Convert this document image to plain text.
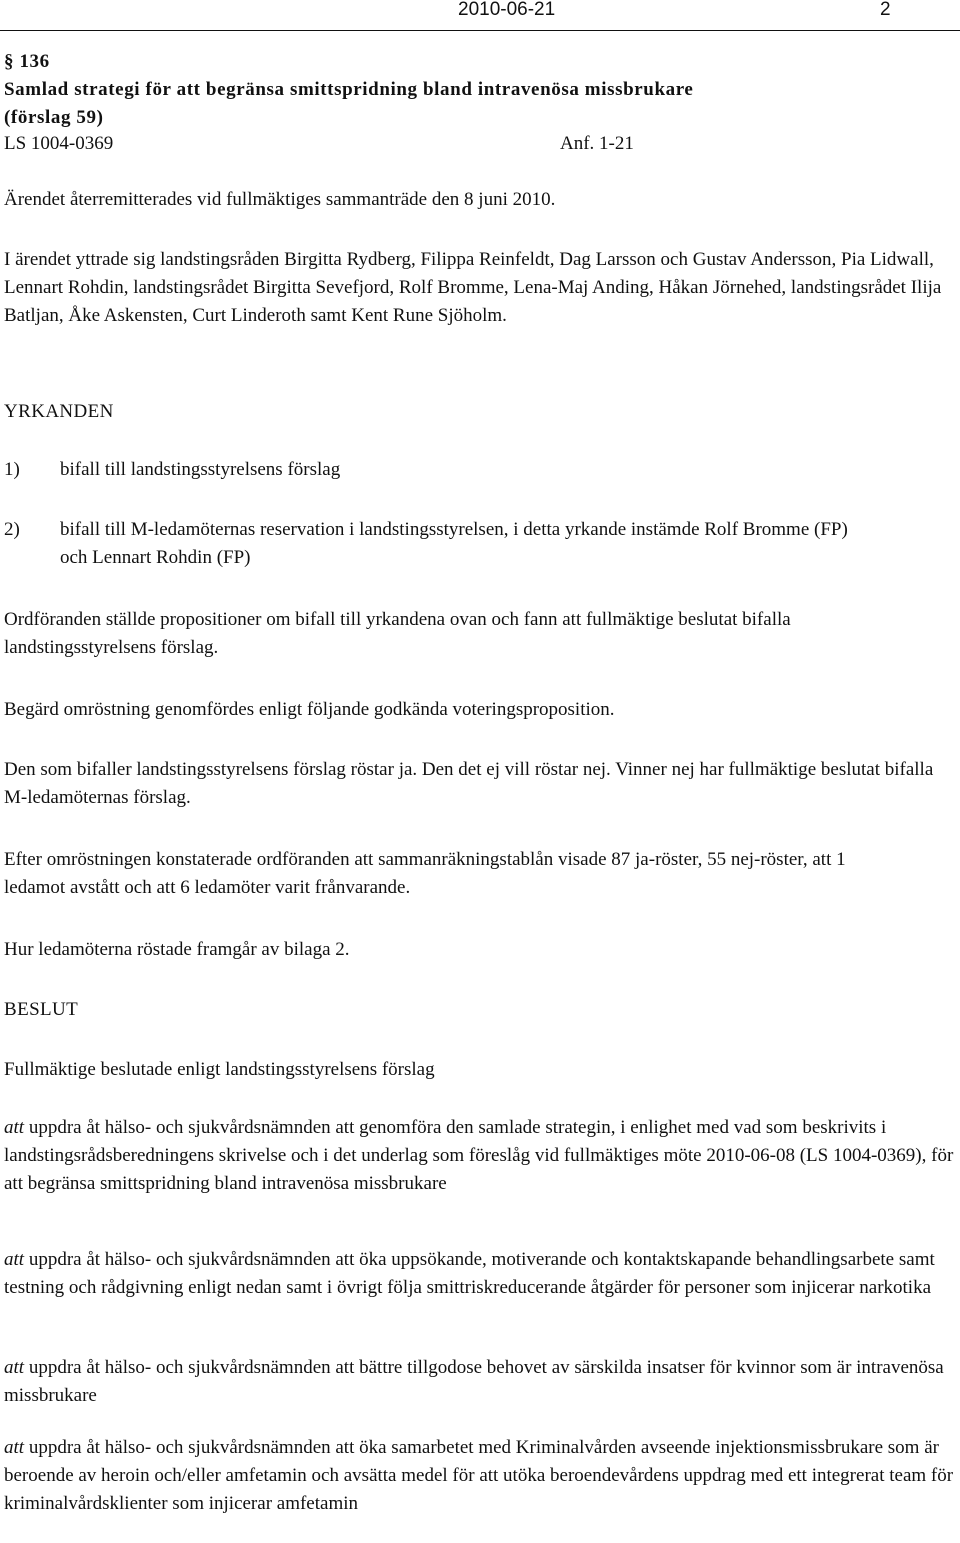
2010-06-21	2
§ 136
Samlad strategi för att begränsa smittspridning bland intravenösa missbrukare
(förslag 59)
LS 1004-0369	Anf. 1-21
Ärendet återremitterades vid fullmäktiges sammanträde den 8 juni 2010.
I ärendet yttrade sig landstingsråden Birgitta Rydberg, Filippa Reinfeldt, Dag Larsson och Gustav Andersson, Pia Lidwall, Lennart Rohdin, landstingsrådet Birgitta Sevefjord, Rolf Bromme, Lena-Maj Anding, Håkan Jörnehed, landstingsrådet Ilija Batljan, Åke Askensten, Curt Linderoth samt Kent Rune Sjöholm.
YRKANDEN
1) bifall till landstingsstyrelsens förslag
2) bifall till M-ledamöternas reservation i landstingsstyrelsen, i detta yrkande instämde Rolf Bromme (FP) och Lennart Rohdin (FP)
Ordföranden ställde propositioner om bifall till yrkandena ovan och fann att fullmäktige beslutat bifalla landstingsstyrelsens förslag.
Begärd omröstning genomfördes enligt följande godkända voteringsproposition.
Den som bifaller landstingsstyrelsens förslag röstar ja. Den det ej vill röstar nej. Vinner nej har fullmäktige beslutat bifalla M-ledamöternas förslag.
Efter omröstningen konstaterade ordföranden att sammanräkningstablån visade 87 ja-röster, 55 nej-röster, att 1 ledamot avstått och att 6 ledamöter varit frånvarande.
Hur ledamöterna röstade framgår av bilaga 2.
BESLUT
Fullmäktige beslutade enligt landstingsstyrelsens förslag
att uppdra åt hälso- och sjukvårdsnämnden att genomföra den samlade strategin, i enlighet med vad som beskrivits i landstingsrådsberedningens skrivelse och i det underlag som föreslåg vid fullmäktiges möte 2010-06-08 (LS 1004-0369), för att begränsa smittspridning bland intravenösa missbrukare
att uppdra åt hälso- och sjukvårdsnämnden att öka uppsökande, motiverande och kontaktskapande behandlingsarbete samt testning och rådgivning enligt nedan samt i övrigt följa smittriskreducerande åtgärder för personer som injicerar narkotika
att uppdra åt hälso- och sjukvårdsnämnden att bättre tillgodose behovet av särskilda insatser för kvinnor som är intravenösa missbrukare
att uppdra åt hälso- och sjukvårdsnämnden att öka samarbetet med Kriminalvården avseende injektionsmissbrukare som är beroende av heroin och/eller amfetamin och avsätta medel för att utöka beroendevårdens uppdrag med ett integrerat team för kriminalvårdsklienter som injicerar amfetamin
